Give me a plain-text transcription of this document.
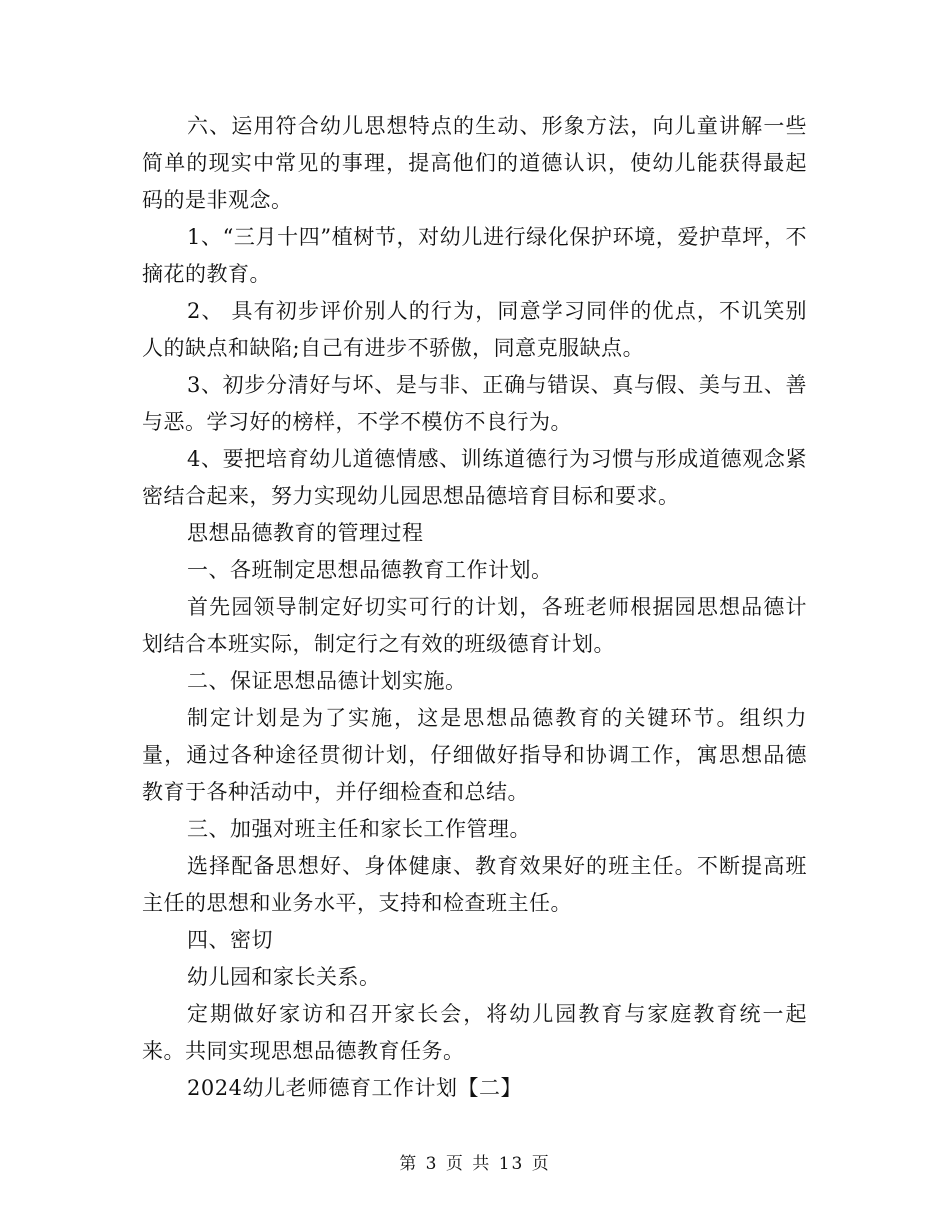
六、运用符合幼儿思想特点的生动、形象方法，向儿童讲解一些简单的现实中常见的事理，提高他们的道德认识，使幼儿能获得最起码的是非观念。

1、“三月十四”植树节，对幼儿进行绿化保护环境，爱护草坪，不摘花的教育。

2、 具有初步评价别人的行为，同意学习同伴的优点，不讥笑别人的缺点和缺陷;自己有进步不骄傲，同意克服缺点。

3、初步分清好与坏、是与非、正确与错误、真与假、美与丑、善与恶。学习好的榜样，不学不模仿不良行为。

4、要把培育幼儿道德情感、训练道德行为习惯与形成道德观念紧密结合起来，努力实现幼儿园思想品德培育目标和要求。

思想品德教育的管理过程

一、各班制定思想品德教育工作计划。

首先园领导制定好切实可行的计划，各班老师根据园思想品德计划结合本班实际，制定行之有效的班级德育计划。

二、保证思想品德计划实施。

制定计划是为了实施，这是思想品德教育的关键环节。组织力量，通过各种途径贯彻计划，仔细做好指导和协调工作，寓思想品德教育于各种活动中，并仔细检查和总结。

三、加强对班主任和家长工作管理。

选择配备思想好、身体健康、教育效果好的班主任。不断提高班主任的思想和业务水平，支持和检查班主任。

四、密切

幼儿园和家长关系。

定期做好家访和召开家长会，将幼儿园教育与家庭教育统一起来。共同实现思想品德教育任务。

2024幼儿老师德育工作计划【二】

第 3 页 共 13 页
